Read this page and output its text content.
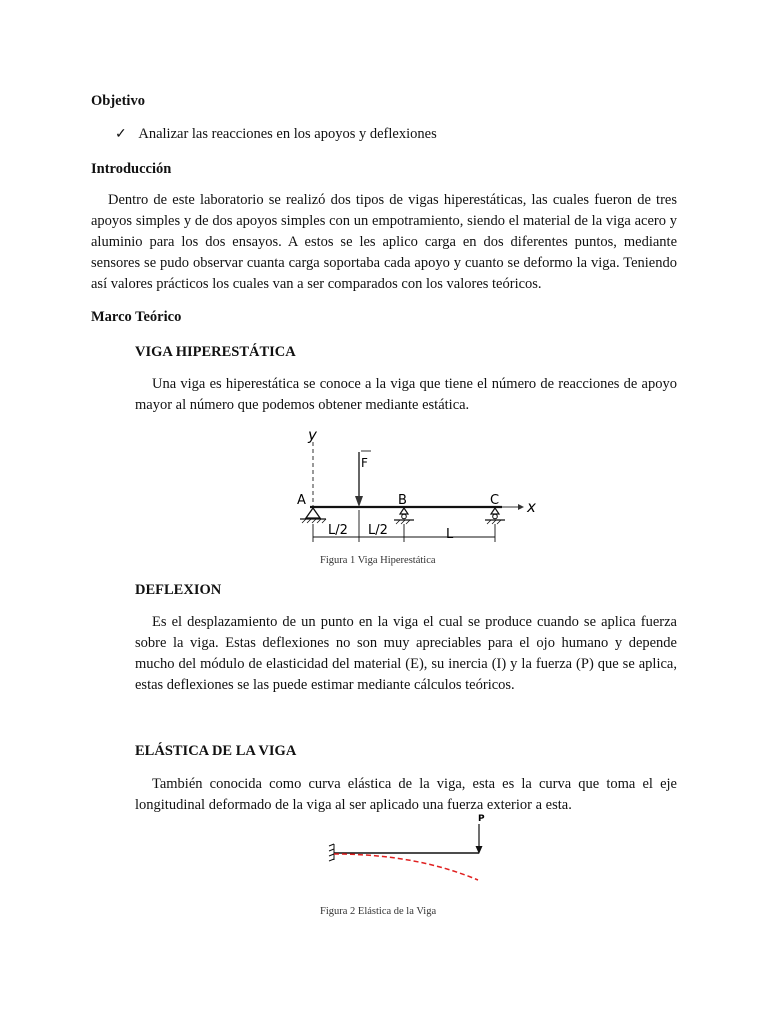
Objetivo
✓ Analizar las reacciones en los apoyos y deflexiones
Introducción
Dentro de este laboratorio se realizó dos tipos de vigas hiperestáticas, las cuales fueron de tres apoyos simples y de dos apoyos simples con un empotramiento, siendo el material de la viga acero y aluminio para los dos ensayos. A estos se les aplico carga en dos diferentes puntos, mediante sensores se pudo observar cuanta carga soportaba cada apoyo y cuanto se deformo la viga. Teniendo así valores prácticos los cuales van a ser comparados con los valores teóricos.
Marco Teórico
VIGA HIPERESTÁTICA
Una viga es hiperestática se conoce a la viga que tiene el número de reacciones de apoyo mayor al número que podemos obtener mediante estática.
y
x
F
A	B	C
L/2 L/2	L
Figura 1 Viga Hiperestática
DEFLEXION
Es el desplazamiento de un punto en la viga el cual se produce cuando se aplica fuerza sobre la viga. Estas deflexiones no son muy apreciables para el ojo humano y depende mucho del módulo de elasticidad del material (E), su inercia (I) y la fuerza (P) que se aplica, estas deflexiones se las puede estimar mediante cálculos teóricos.
ELÁSTICA DE LA VIGA
También conocida como curva elástica de la viga, esta es la curva que toma el eje longitudinal deformado de la viga al ser aplicado una fuerza exterior a esta.
P
Figura 2 Elástica de la Viga
